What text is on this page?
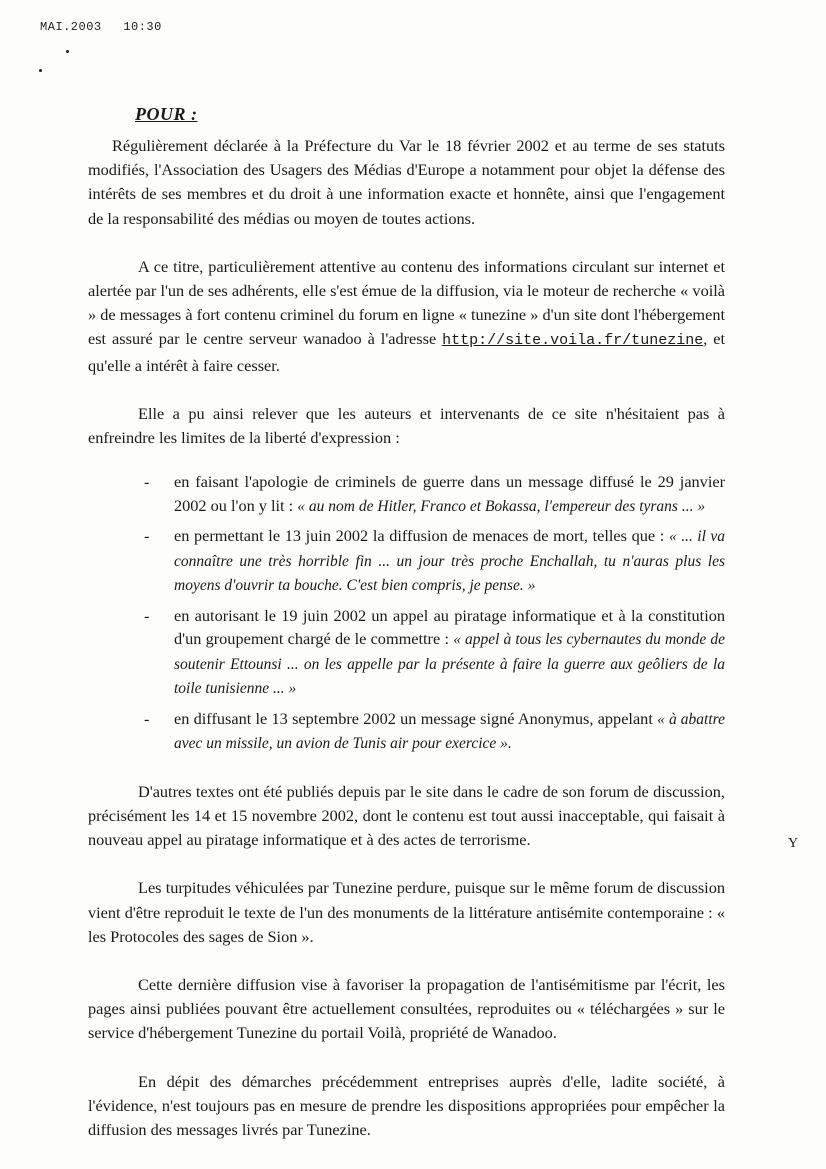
MAI.2003 10:30
POUR :

Régulièrement déclarée à la Préfecture du Var le 18 février 2002 et au terme de ses statuts modifiés, l'Association des Usagers des Médias d'Europe a notamment pour objet la défense des intérêts de ses membres et du droit à une information exacte et honnête, ainsi que l'engagement de la responsabilité des médias ou moyen de toutes actions.

A ce titre, particulièrement attentive au contenu des informations circulant sur internet et alertée par l'un de ses adhérents, elle s'est émue de la diffusion, via le moteur de recherche « voilà » de messages à fort contenu criminel du forum en ligne « tunezine » d'un site dont l'hébergement est assuré par le centre serveur wanadoo à l'adresse http://site.voila.fr/tunezine, et qu'elle a intérêt à faire cesser.

Elle a pu ainsi relever que les auteurs et intervenants de ce site n'hésitaient pas à enfreindre les limites de la liberté d'expression :

- en faisant l'apologie de criminels de guerre dans un message diffusé le 29 janvier 2002 ou l'on y lit : « au nom de Hitler, Franco et Bokassa, l'empereur des tyrans ... »
- en permettant le 13 juin 2002 la diffusion de menaces de mort, telles que : « ... il va connaître une très horrible fin ... un jour très proche Enchallah, tu n'auras plus les moyens d'ouvrir ta bouche. C'est bien compris, je pense. »
- en autorisant le 19 juin 2002 un appel au piratage informatique et à la constitution d'un groupement chargé de le commettre : « appel à tous les cybernautes du monde de soutenir Ettounsi ... on les appelle par la présente à faire la guerre aux geôliers de la toile tunisienne ... »
- en diffusant le 13 septembre 2002 un message signé Anonymus, appelant « à abattre avec un missile, un avion de Tunis air pour exercice ».

D'autres textes ont été publiés depuis par le site dans le cadre de son forum de discussion, précisément les 14 et 15 novembre 2002, dont le contenu est tout aussi inacceptable, qui faisait à nouveau appel au piratage informatique et à des actes de terrorisme.

Les turpitudes véhiculées par Tunezine perdure, puisque sur le même forum de discussion vient d'être reproduit le texte de l'un des monuments de la littérature antisémite contemporaine : « les Protocoles des sages de Sion ».

Cette dernière diffusion vise à favoriser la propagation de l'antisémitisme par l'écrit, les pages ainsi publiées pouvant être actuellement consultées, reproduites ou « téléchargées » sur le service d'hébergement Tunezine du portail Voilà, propriété de Wanadoo.

En dépit des démarches précédemment entreprises auprès d'elle, ladite société, à l'évidence, n'est toujours pas en mesure de prendre les dispositions appropriées pour empêcher la diffusion des messages livrés par Tunezine.

Y
